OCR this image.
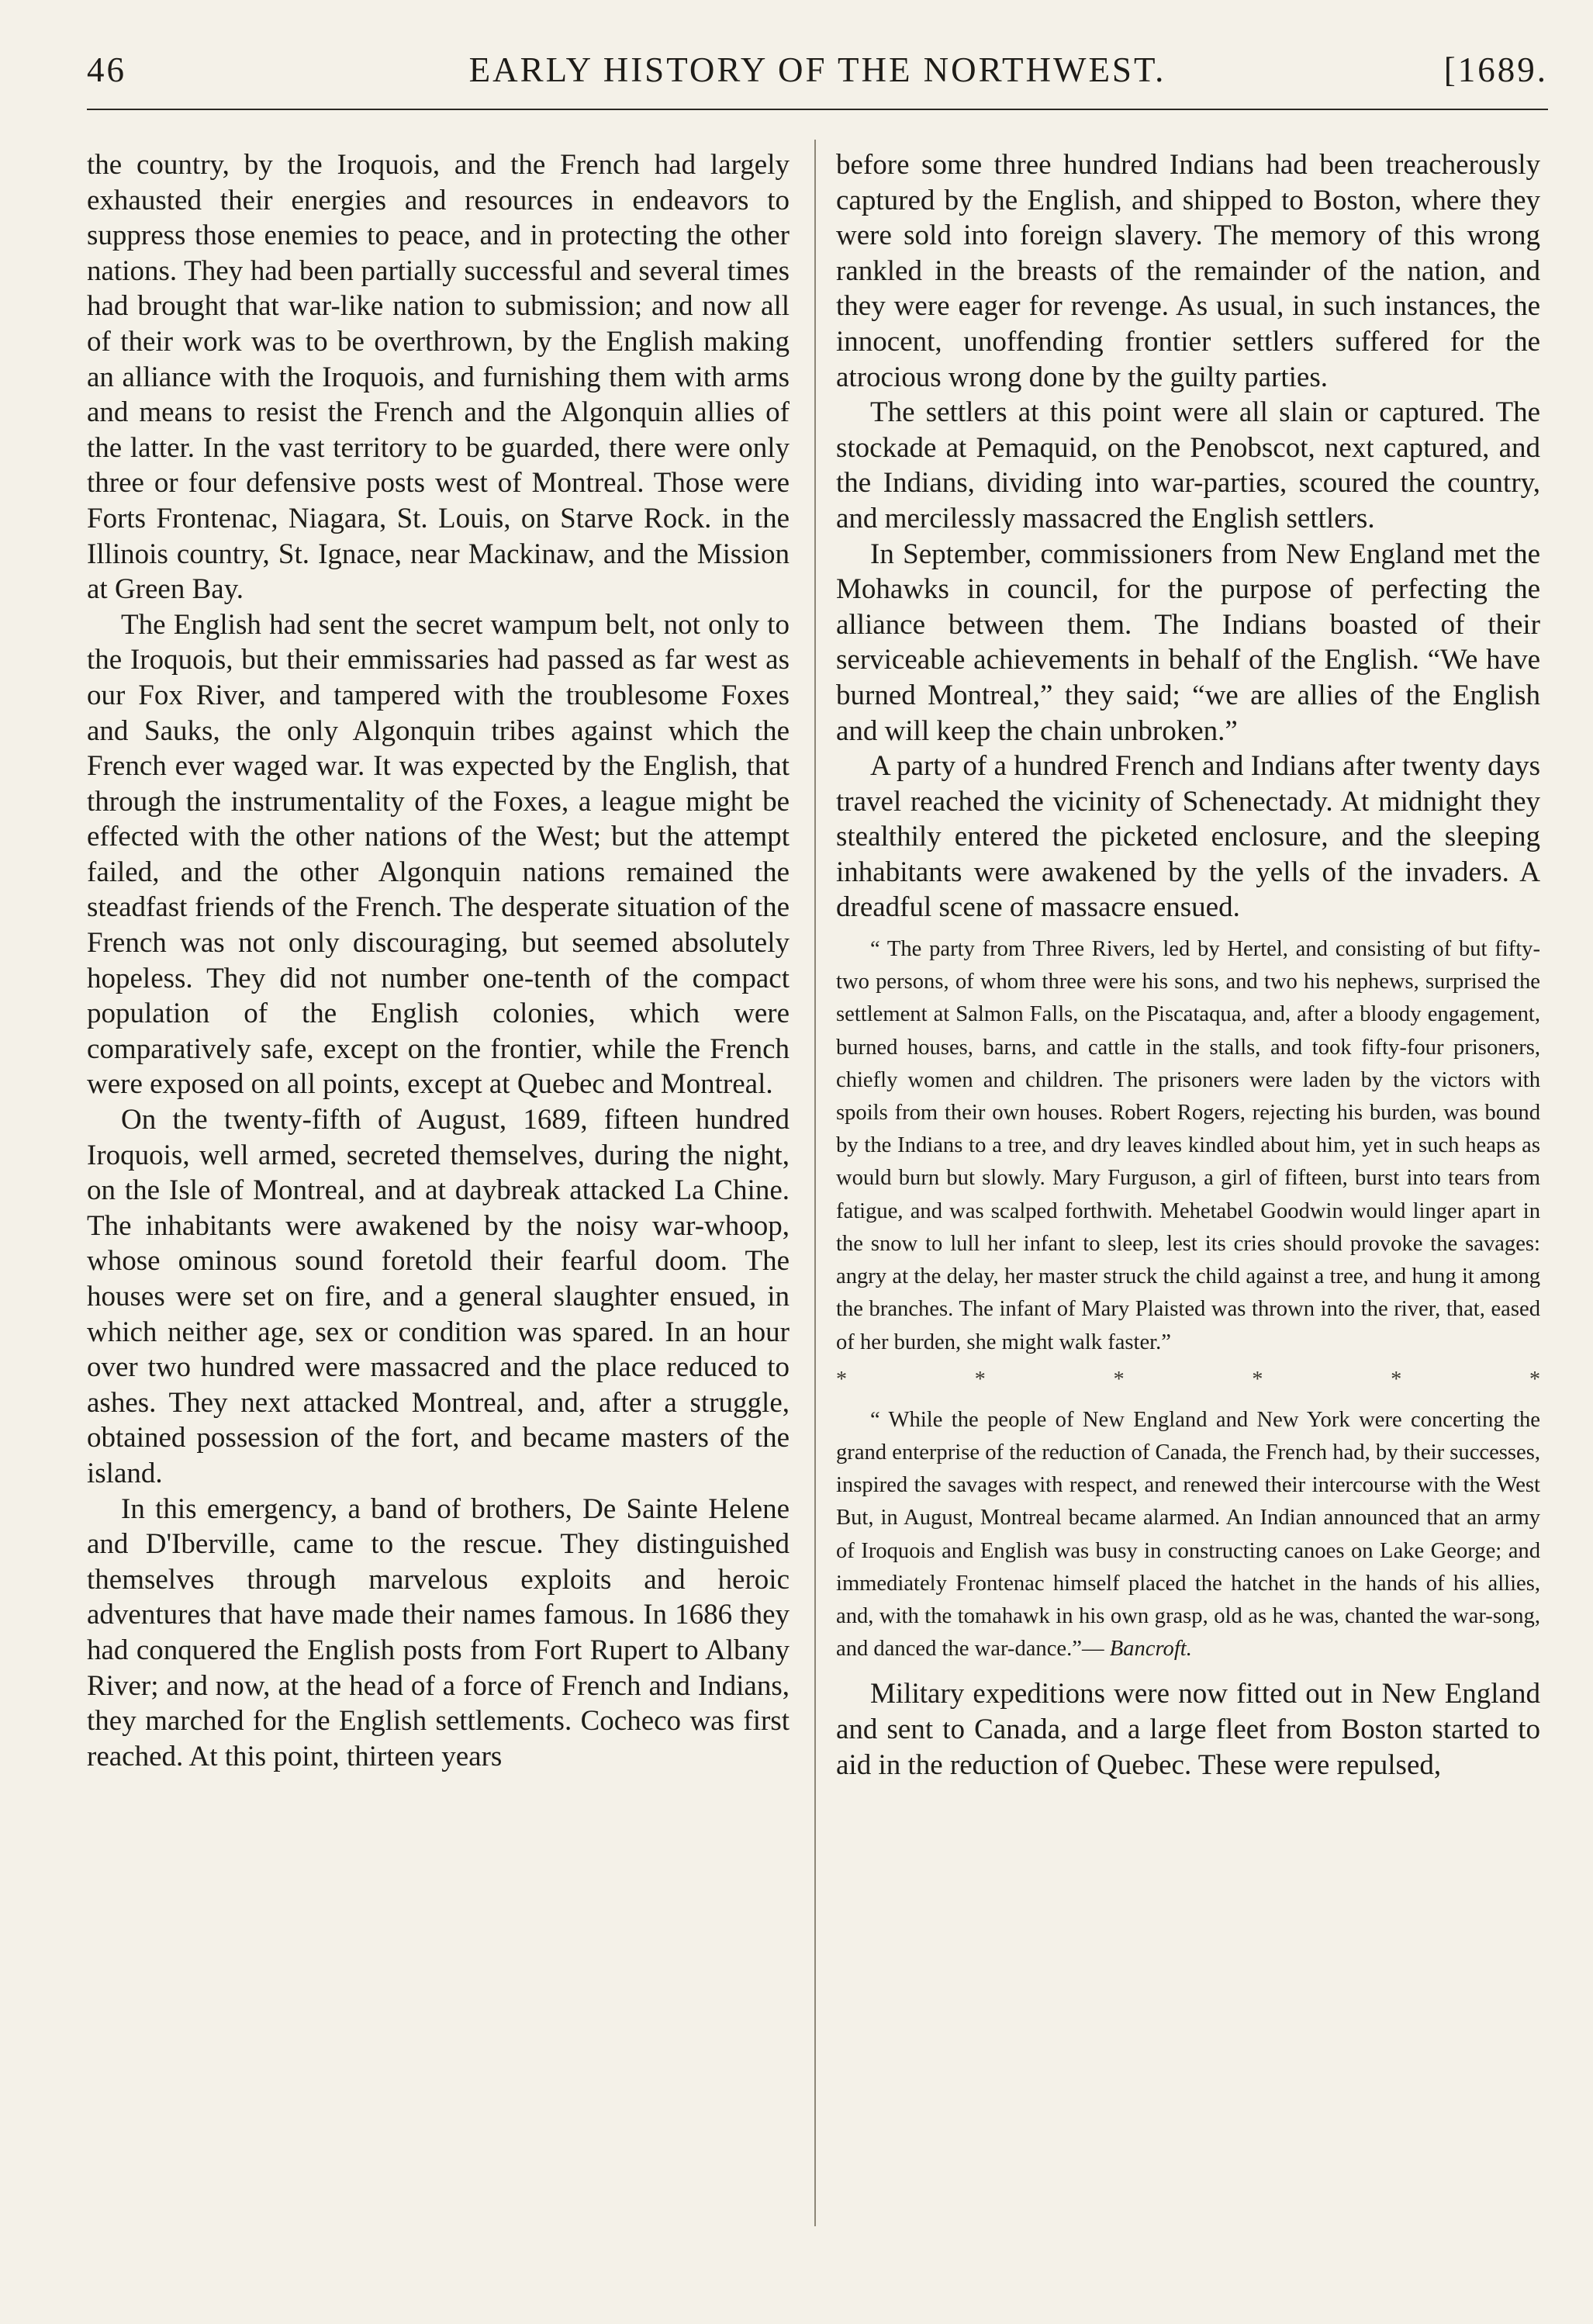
46	EARLY HISTORY OF THE NORTHWEST.	[1689.

the country, by the Iroquois, and the French had largely exhausted their energies and resources in endeavors to suppress those enemies to peace, and in protecting the other nations. They had been partially successful and several times had brought that war-like nation to submission; and now all of their work was to be overthrown, by the English making an alliance with the Iroquois, and furnishing them with arms and means to resist the French and the Algonquin allies of the latter. In the vast territory to be guarded, there were only three or four defensive posts west of Montreal. Those were Forts Frontenac, Niagara, St. Louis, on Starve Rock. in the Illinois country, St. Ignace, near Mackinaw, and the Mission at Green Bay.

The English had sent the secret wampum belt, not only to the Iroquois, but their emmissaries had passed as far west as our Fox River, and tampered with the troublesome Foxes and Sauks, the only Algonquin tribes against which the French ever waged war. It was expected by the English, that through the instrumentality of the Foxes, a league might be effected with the other nations of the West; but the attempt failed, and the other Algonquin nations remained the steadfast friends of the French. The desperate situation of the French was not only discouraging, but seemed absolutely hopeless. They did not number one-tenth of the compact population of the English colonies, which were comparatively safe, except on the frontier, while the French were exposed on all points, except at Quebec and Montreal.

On the twenty-fifth of August, 1689, fifteen hundred Iroquois, well armed, secreted themselves, during the night, on the Isle of Montreal, and at daybreak attacked La Chine. The inhabitants were awakened by the noisy war-whoop, whose ominous sound foretold their fearful doom. The houses were set on fire, and a general slaughter ensued, in which neither age, sex or condition was spared. In an hour over two hundred were massacred and the place reduced to ashes. They next attacked Montreal, and, after a struggle, obtained possession of the fort, and became masters of the island.

In this emergency, a band of brothers, De Sainte Helene and D'Iberville, came to the rescue. They distinguished themselves through marvelous exploits and heroic adventures that have made their names famous. In 1686 they had conquered the English posts from Fort Rupert to Albany River; and now, at the head of a force of French and Indians, they marched for the English settlements. Cocheco was first reached. At this point, thirteen years

before some three hundred Indians had been treacherously captured by the English, and shipped to Boston, where they were sold into foreign slavery. The memory of this wrong rankled in the breasts of the remainder of the nation, and they were eager for revenge. As usual, in such instances, the innocent, unoffending frontier settlers suffered for the atrocious wrong done by the guilty parties.

The settlers at this point were all slain or captured. The stockade at Pemaquid, on the Penobscot, next captured, and the Indians, dividing into war-parties, scoured the country, and mercilessly massacred the English settlers.

In September, commissioners from New England met the Mohawks in council, for the purpose of perfecting the alliance between them. The Indians boasted of their serviceable achievements in behalf of the English. “We have burned Montreal,” they said; “we are allies of the English and will keep the chain unbroken.”

A party of a hundred French and Indians after twenty days travel reached the vicinity of Schenectady. At midnight they stealthily entered the picketed enclosure, and the sleeping inhabitants were awakened by the yells of the invaders. A dreadful scene of massacre ensued.

“ The party from Three Rivers, led by Hertel, and consisting of but fifty-two persons, of whom three were his sons, and two his nephews, surprised the settlement at Salmon Falls, on the Piscataqua, and, after a bloody engagement, burned houses, barns, and cattle in the stalls, and took fifty-four prisoners, chiefly women and children. The prisoners were laden by the victors with spoils from their own houses. Robert Rogers, rejecting his burden, was bound by the Indians to a tree, and dry leaves kindled about him, yet in such heaps as would burn but slowly. Mary Furguson, a girl of fifteen, burst into tears from fatigue, and was scalped forthwith. Mehetabel Goodwin would linger apart in the snow to lull her infant to sleep, lest its cries should provoke the savages: angry at the delay, her master struck the child against a tree, and hung it among the branches. The infant of Mary Plaisted was thrown into the river, that, eased of her burden, she might walk faster.”

*	*	*	*	*	*

“ While the people of New England and New York were concerting the grand enterprise of the reduction of Canada, the French had, by their successes, inspired the savages with respect, and renewed their intercourse with the West But, in August, Montreal became alarmed. An Indian announced that an army of Iroquois and English was busy in constructing canoes on Lake George; and immediately Frontenac himself placed the hatchet in the hands of his allies, and, with the tomahawk in his own grasp, old as he was, chanted the war-song, and danced the war-dance.”— Bancroft.

Military expeditions were now fitted out in New England and sent to Canada, and a large fleet from Boston started to aid in the reduction of Quebec. These were repulsed,
